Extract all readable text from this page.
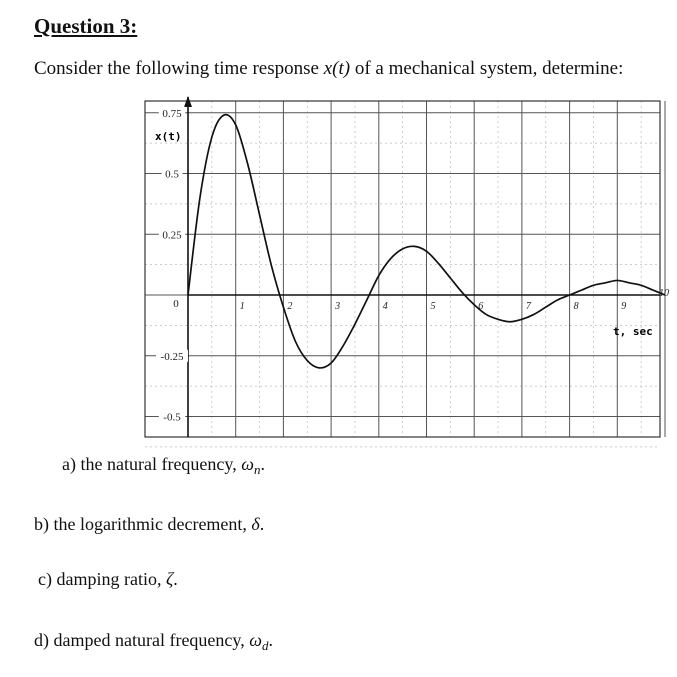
Question 3:
Consider the following time response x(t) of a mechanical system, determine:
0.75
0.5
0.25
0
-0.25
-0.5
1	2	3	4	5	6	7	8	9
10
x(t)
t, sec
a) the natural frequency, $\omega_n$.
b) the logarithmic decrement, δ.
c) damping ratio, ζ.
d) damped natural frequency, $\omega_d$.
